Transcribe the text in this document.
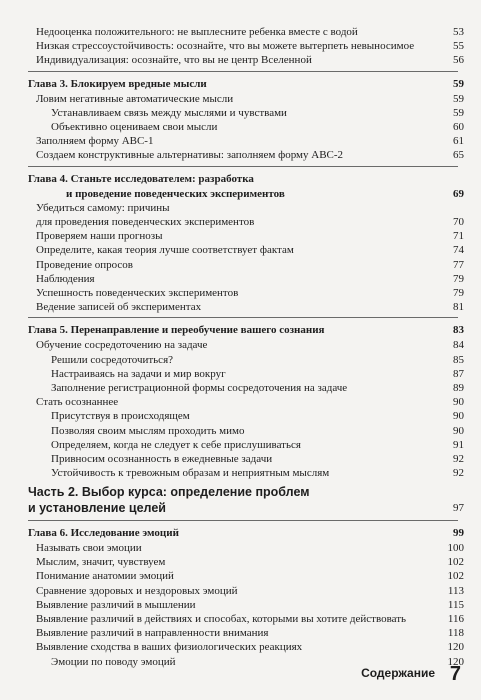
Недооценка положительного: не выплесните ребенка вместе с водой	53
Низкая стрессоустойчивость: осознайте, что вы можете вытерпеть невыносимое	55
Индивидуализация: осознайте, что вы не центр Вселенной	56
Глава 3. Блокируем вредные мысли	59
Ловим негативные автоматические мысли	59
Устанавливаем связь между мыслями и чувствами	59
Объективно оцениваем свои мысли	60
Заполняем форму ABC-1	61
Создаем конструктивные альтернативы: заполняем форму ABC-2	65
Глава 4. Станьте исследователем: разработка
и проведение поведенческих экспериментов	69
Убедиться самому: причины
для проведения поведенческих экспериментов	70
Проверяем наши прогнозы	71
Определите, какая теория лучше соответствует фактам	74
Проведение опросов	77
Наблюдения	79
Успешность поведенческих экспериментов	79
Ведение записей об экспериментах	81
Глава 5. Перенаправление и переобучение вашего сознания	83
Обучение сосредоточению на задаче	84
Решили сосредоточиться?	85
Настраиваясь на задачи и мир вокруг	87
Заполнение регистрационной формы сосредоточения на задаче	89
Стать осознаннее	90
Присутствуя в происходящем	90
Позволяя своим мыслям проходить мимо	90
Определяем, когда не следует к себе прислушиваться	91
Привносим осознанность в ежедневные задачи	92
Устойчивость к тревожным образам и неприятным мыслям	92
Часть 2. Выбор курса: определение проблем
и установление целей	97
Глава 6. Исследование эмоций	99
Называть свои эмоции	100
Мыслим, значит, чувствуем	102
Понимание анатомии эмоций	102
Сравнение здоровых и нездоровых эмоций	113
Выявление различий в мышлении	115
Выявление различий в действиях и способах, которыми вы хотите действовать	116
Выявление различий в направленности внимания	118
Выявление сходства в ваших физиологических реакциях	120
Эмоции по поводу эмоций	120
Содержание 7
